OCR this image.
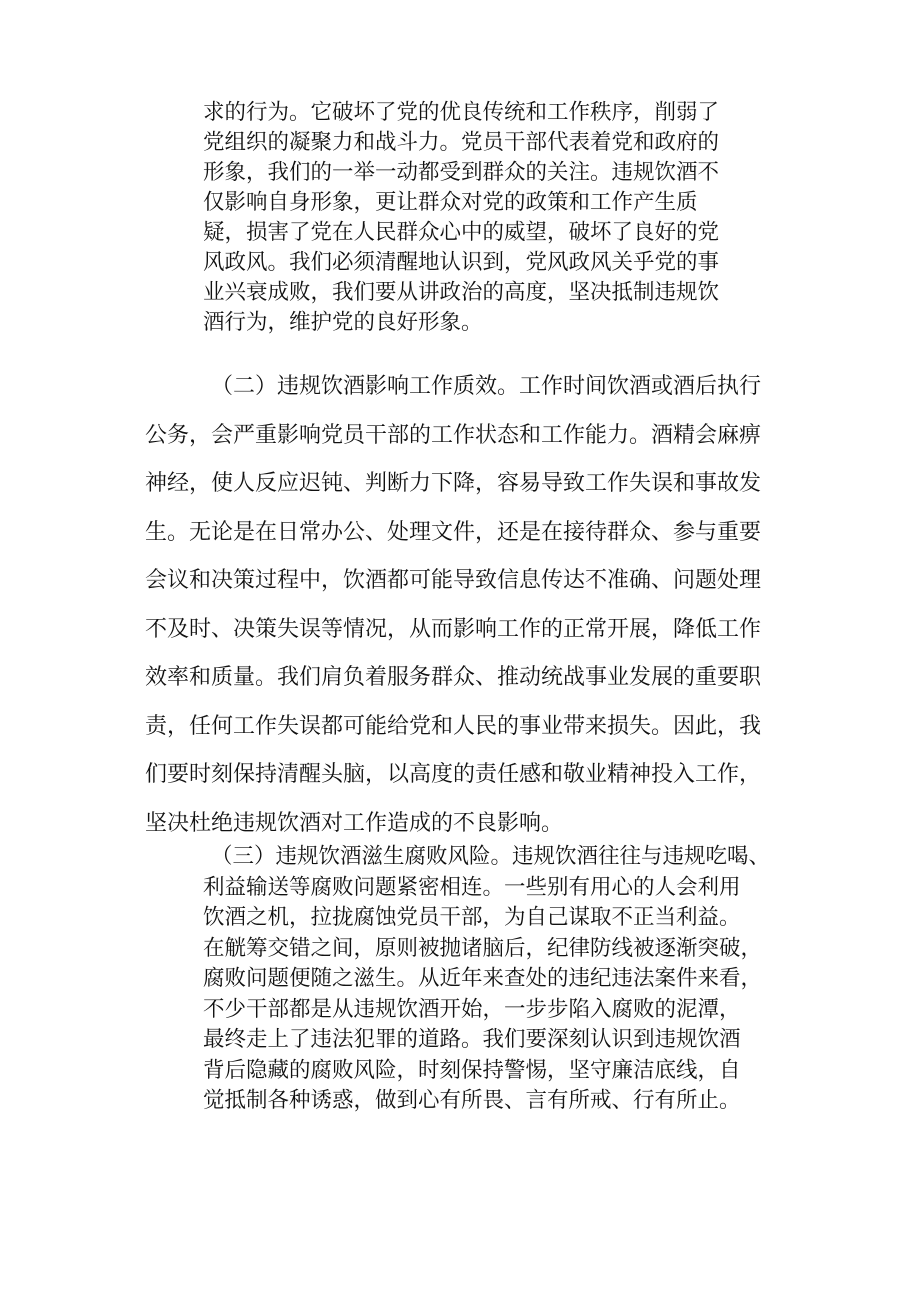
求的行为。它破坏了党的优良传统和工作秩序，削弱了
党组织的凝聚力和战斗力。党员干部代表着党和政府的
形象，我们的一举一动都受到群众的关注。违规饮酒不
仅影响自身形象，更让群众对党的政策和工作产生质
疑，损害了党在人民群众心中的威望，破坏了良好的党
风政风。我们必须清醒地认识到，党风政风关乎党的事
业兴衰成败，我们要从讲政治的高度，坚决抵制违规饮
酒行为，维护党的良好形象。
（二）违规饮酒影响工作质效。工作时间饮酒或酒后执行
公务，会严重影响党员干部的工作状态和工作能力。酒精会麻痹
神经，使人反应迟钝、判断力下降，容易导致工作失误和事故发
生。无论是在日常办公、处理文件，还是在接待群众、参与重要
会议和决策过程中，饮酒都可能导致信息传达不准确、问题处理
不及时、决策失误等情况，从而影响工作的正常开展，降低工作
效率和质量。我们肩负着服务群众、推动统战事业发展的重要职
责，任何工作失误都可能给党和人民的事业带来损失。因此，我
们要时刻保持清醒头脑，以高度的责任感和敬业精神投入工作，
坚决杜绝违规饮酒对工作造成的不良影响。
（三）违规饮酒滋生腐败风险。违规饮酒往往与违规吃喝、
利益输送等腐败问题紧密相连。一些别有用心的人会利用
饮酒之机，拉拢腐蚀党员干部，为自己谋取不正当利益。
在觥筹交错之间，原则被抛诸脑后，纪律防线被逐渐突破，
腐败问题便随之滋生。从近年来查处的违纪违法案件来看，
不少干部都是从违规饮酒开始，一步步陷入腐败的泥潭，
最终走上了违法犯罪的道路。我们要深刻认识到违规饮酒
背后隐藏的腐败风险，时刻保持警惕，坚守廉洁底线，自
觉抵制各种诱惑，做到心有所畏、言有所戒、行有所止。
